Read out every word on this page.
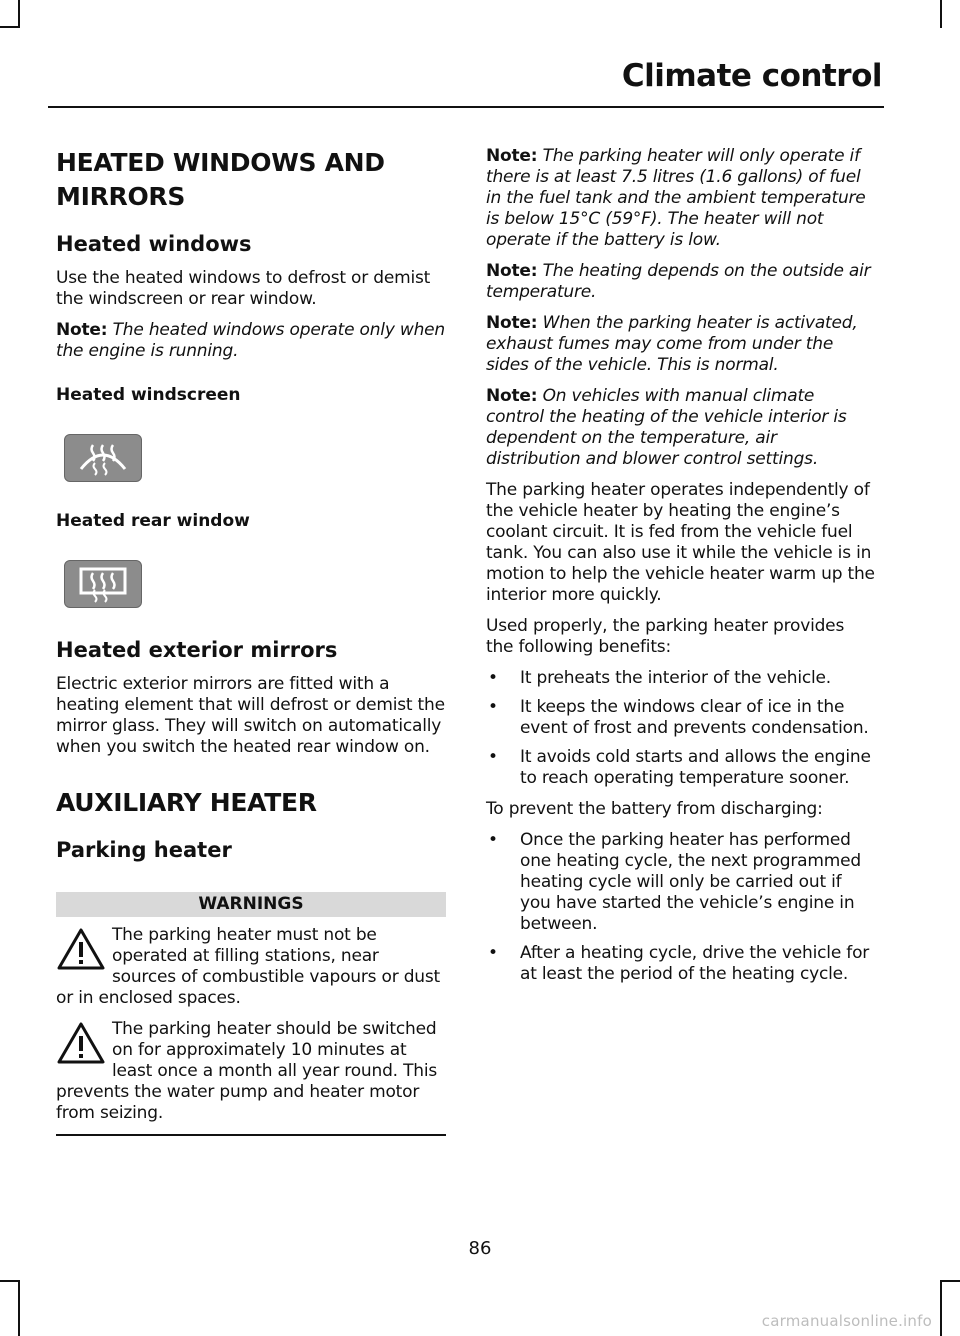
Climate control
HEATED WINDOWS AND MIRRORS
Heated windows

Use the heated windows to defrost or demist the windscreen or rear window.

Note: The heated windows operate only when the engine is running.

Heated windscreen
Heated rear window
Heated exterior mirrors

Electric exterior mirrors are fitted with a heating element that will defrost or demist the mirror glass. They will switch on automatically when you switch the heated rear window on.

AUXILIARY HEATER
Parking heater
WARNINGS
The parking heater must not be operated at filling stations, near sources of combustible vapours or dust or in enclosed spaces.
The parking heater should be switched on for approximately 10 minutes at least once a month all year round. This prevents the water pump and heater motor from seizing.

Note: The parking heater will only operate if there is at least 7.5 litres (1.6 gallons) of fuel in the fuel tank and the ambient temperature is below 15°C (59°F). The heater will not operate if the battery is low.

Note: The heating depends on the outside air temperature.

Note: When the parking heater is activated, exhaust fumes may come from under the sides of the vehicle. This is normal.

Note: On vehicles with manual climate control the heating of the vehicle interior is dependent on the temperature, air distribution and blower control settings.

The parking heater operates independently of the vehicle heater by heating the engine’s coolant circuit. It is fed from the vehicle fuel tank. You can also use it while the vehicle is in motion to help the vehicle heater warm up the interior more quickly.

Used properly, the parking heater provides the following benefits:

• It preheats the interior of the vehicle.
• It keeps the windows clear of ice in the event of frost and prevents condensation.
• It avoids cold starts and allows the engine to reach operating temperature sooner.

To prevent the battery from discharging:

• Once the parking heater has performed one heating cycle, the next programmed heating cycle will only be carried out if you have started the vehicle’s engine in between.
• After a heating cycle, drive the vehicle for at least the period of the heating cycle.
86
carmanualsonline.info
